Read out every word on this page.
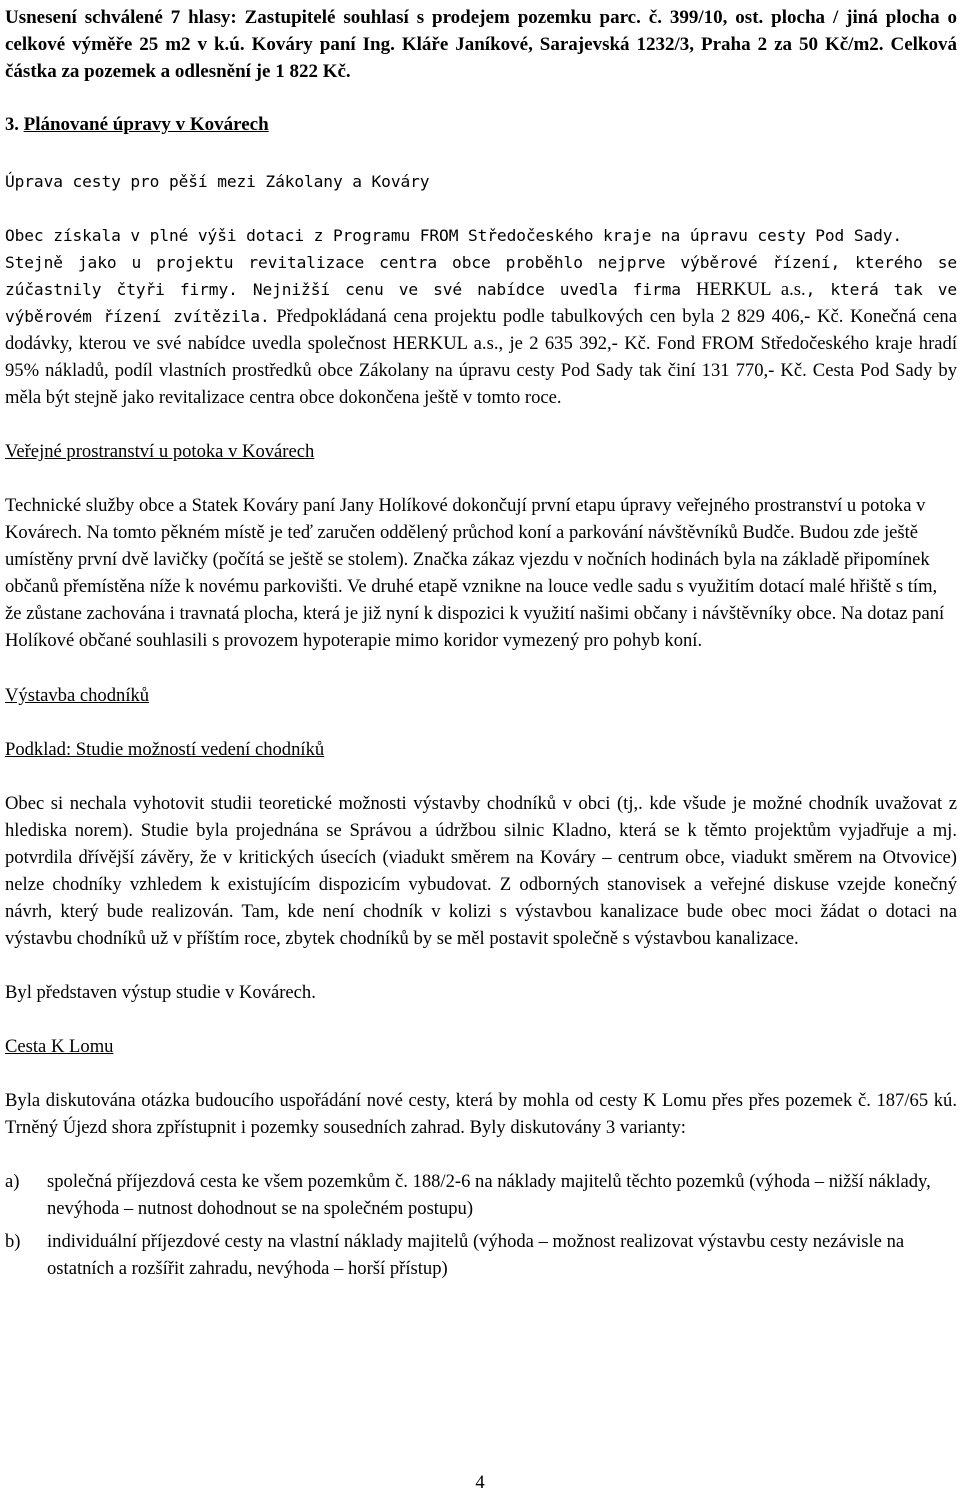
Usnesení schválené 7 hlasy: Zastupitelé souhlasí s prodejem pozemku parc. č. 399/10, ost. plocha / jiná plocha o celkové výměře 25 m2 v k.ú. Kováry paní Ing. Kláře Janíkové, Sarajevská 1232/3, Praha 2 za 50 Kč/m2. Celková částka za pozemek a odlesnění je 1 822 Kč.

3. Plánované úpravy v Kovárech

Úprava cesty pro pěší mezi Zákolany a Kováry

Obec získala v plné výši dotaci z Programu FROM Středočeského kraje na úpravu cesty Pod Sady.

Stejně jako u projektu revitalizace centra obce proběhlo nejprve výběrové řízení, kterého se zúčastnily čtyři firmy. Nejnižší cenu ve své nabídce uvedla firma HERKUL a.s., která tak ve výběrovém řízení zvítězila. Předpokládaná cena projektu podle tabulkových cen byla 2 829 406,- Kč. Konečná cena dodávky, kterou ve své nabídce uvedla společnost HERKUL a.s., je 2 635 392,- Kč. Fond FROM Středočeského kraje hradí 95% nákladů, podíl vlastních prostředků obce Zákolany na úpravu cesty Pod Sady tak činí 131 770,- Kč. Cesta Pod Sady by měla být stejně jako revitalizace centra obce dokončena ještě v tomto roce.

Veřejné prostranství u potoka v Kovárech

Technické služby obce a Statek Kováry paní Jany Holíkové dokončují první etapu úpravy veřejného prostranství u potoka v Kovárech. Na tomto pěkném místě je teď zaručen oddělený průchod koní a parkování návštěvníků Budče. Budou zde ještě umístěny první dvě lavičky (počítá se ještě se stolem). Značka zákaz vjezdu v nočních hodinách byla na základě připomínek občanů přemístěna níže k novému parkovišti. Ve druhé etapě vznikne na louce vedle sadu s využitím dotací malé hřiště s tím, že zůstane zachována i travnatá plocha, která je již nyní k dispozici k využití našimi občany i návštěvníky obce. Na dotaz paní Holíkové občané souhlasili s provozem hypoterapie mimo koridor vymezený pro pohyb koní.

Výstavba chodníků

Podklad: Studie možností vedení chodníků

Obec si nechala vyhotovit studii teoretické možnosti výstavby chodníků v obci (tj,. kde všude je možné chodník uvažovat z hlediska norem). Studie byla projednána se Správou a údržbou silnic Kladno, která se k těmto projektům vyjadřuje a mj. potvrdila dřívější závěry, že v kritických úsecích (viadukt směrem na Kováry – centrum obce, viadukt směrem na Otvovice) nelze chodníky vzhledem k existujícím dispozicím vybudovat. Z odborných stanovisek a veřejné diskuse vzejde konečný návrh, který bude realizován. Tam, kde není chodník v kolizi s výstavbou kanalizace bude obec moci žádat o dotaci na výstavbu chodníků už v příštím roce, zbytek chodníků by se měl postavit společně s výstavbou kanalizace.

Byl představen výstup studie v Kovárech.

Cesta K Lomu

Byla diskutována otázka budoucího uspořádání nové cesty, která by mohla od cesty K Lomu přes přes pozemek č. 187/65 kú. Trněný Újezd shora zpřístupnit i pozemky sousedních zahrad. Byly diskutovány 3 varianty:

a)	společná příjezdová cesta ke všem pozemkům č. 188/2-6 na náklady majitelů těchto pozemků (výhoda – nižší náklady, nevýhoda – nutnost dohodnout se na společném postupu)
b)	individuální příjezdové cesty na vlastní náklady majitelů (výhoda – možnost realizovat výstavbu cesty nezávisle na ostatních a rozšířit zahradu, nevýhoda – horší přístup)
4
